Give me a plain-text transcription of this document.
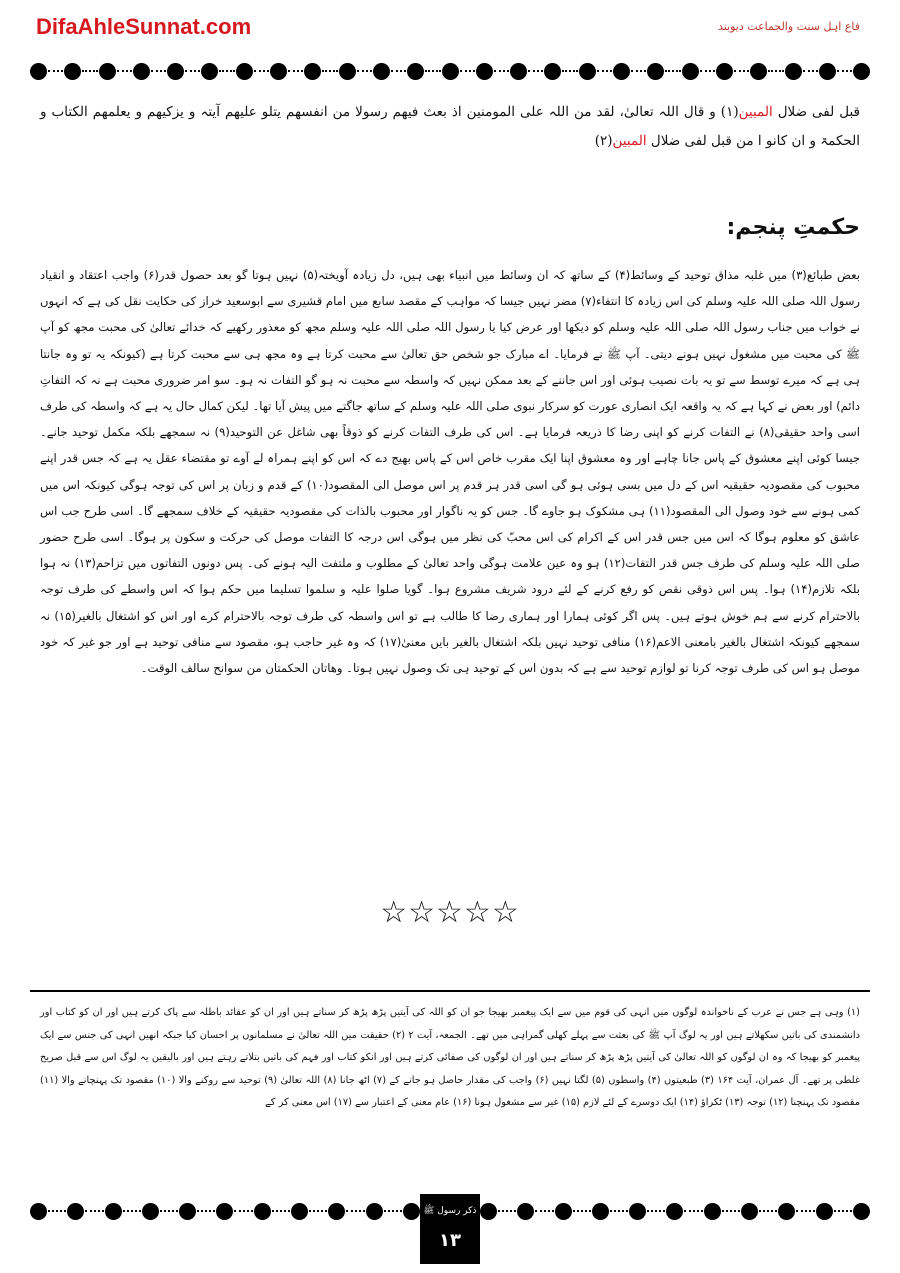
DifaAhleSunnat.com	فاع اہل سنت والجماعت دیوبند
قبل لفی ضلال المبین(۱) و قال اللہ تعالیٰ، لقد من اللہ علی المومنین اذ بعث فیھم رسولا من انفسھم یتلو علیھم آیتہ و یزکیھم و یعلمھم الکتاب و الحکمۃ و ان کانو ا من قبل لفی ضلال المبین(۲)
حکمتِ پنجم:
بعض طبائع(۳) میں غلبہ مذاق توحید کے وسائط(۴) کے ساتھ کہ ان وسائط میں انبیاء بھی ہیں، دل زیادہ آویختہ(۵) نہیں ہوتا گو بعد حصول قدر(۶) واجب اعتقاد و انقیاد رسول اللہ صلی اللہ علیہ وسلم کی اس زیادہ کا انتفاء(۷) مضر نہیں جیسا کہ مواہب کے مقصد سابع میں امام قشیری سے ابوسعید خراز کی حکایت نقل کی ہے کہ انہوں نے خواب میں جناب رسول اللہ صلی اللہ علیہ وسلم کو دیکھا اور عرض کیا یا رسول اللہ صلی اللہ علیہ وسلم مجھ کو معذور رکھیے کہ خدائے تعالیٰ کی محبت مجھ کو آپ ﷺ کی محبت میں مشغول نہیں ہونے دیتی۔ آپ ﷺ نے فرمایا۔ اے مبارک جو شخص حق تعالیٰ سے محبت کرتا ہے وہ مجھ ہی سے محبت کرتا ہے (کیونکہ یہ تو وہ جانتا ہی ہے کہ میرے توسط سے تو یہ بات نصیب ہوئی اور اس جاننے کے بعد ممکن نہیں کہ واسطہ سے محبت نہ ہو گو التفات نہ ہو۔ سو امر ضروری محبت ہے نہ کہ التفاتِ دائم) اور بعض نے کہا ہے کہ یہ واقعہ ایک انصاری عورت کو سرکار نبوی صلی اللہ علیہ وسلم کے ساتھ جاگتے میں پیش آیا تھا۔ لیکن کمال حال یہ ہے کہ واسطہ کی طرف اسی واحد حقیقی(۸) نے التفات کرنے کو اپنی رضا کا ذریعہ فرمایا ہے۔ اس کی طرف التفات کرنے کو ذوقاً بھی شاغل عن التوحید(۹) نہ سمجھے بلکہ مکمل توحید جانے۔ جیسا کوئی اپنے معشوق کے پاس جانا چاہے اور وہ معشوق اپنا ایک مقرب خاص اس کے پاس بھیج دے کہ اس کو اپنے ہمراہ لے آوے تو مقتضاء عقل یہ ہے کہ جس قدر اپنے محبوب کی مقصودیہ حقیقیہ اس کے دل میں بسی ہوئی ہو گی اسی قدر ہر قدم پر اس موصل الی المقصود(۱۰) کے قدم و زبان پر اس کی توجہ ہوگی کیونکہ اس میں کمی ہونے سے خود وصول الی المقصود(۱۱) ہی مشکوک ہو جاوے گا۔ جس کو یہ ناگوار اور محبوب بالذات کی مقصودیہ حقیقیہ کے خلاف سمجھے گا۔ اسی طرح جب اس عاشق کو معلوم ہوگا کہ اس میں جس قدر اس کے اکرام کی اس محبّ کی نظر میں ہوگی اس درجہ کا التفات موصل کی حرکت و سکون پر ہوگا۔ اسی طرح حضور صلی اللہ علیہ وسلم کی طرف جس قدر التفات(۱۲) ہو وہ عین علامت ہوگی واحد تعالیٰ کے مطلوب و ملتفت الیہ ہونے کی۔ پس دونوں التفاتوں میں تزاحم(۱۳) نہ ہوا بلکہ تلازم(۱۴) ہوا۔ پس اس ذوقی نقص کو رفع کرنے کے لئے درود شریف مشروع ہوا۔ گویا صلوا علیہ و سلموا تسلیما میں حکم ہوا کہ اس واسطے کی طرف توجہ بالاحترام کرنے سے ہم خوش ہوتے ہیں۔ پس اگر کوئی ہمارا اور ہماری رضا کا طالب ہے تو اس واسطہ کی طرف توجہ بالاحترام کرے اور اس کو اشتغال بالغیر(۱۵) نہ سمجھے کیونکہ اشتغال بالغیر بامعنی الاعم(۱۶) منافی توحید نہیں بلکہ اشتغال بالغیر بایں معنیٰ(۱۷) کہ وہ غیر حاجب ہو، مقصود سے منافی توحید ہے اور جو غیر کہ خود موصل ہو اس کی طرف توجہ کرنا تو لوازم توحید سے ہے کہ بدون اس کے توحید ہی تک وصول نہیں ہوتا۔ وھاتان الحکمتان من سوانح سالف الوقت۔
☆☆☆☆☆
(۱) وہی ہے جس نے عرب کے ناخواندہ لوگوں میں انہی کی قوم میں سے ایک پیغمبر بھیجا جو ان کو اللہ کی آیتیں پڑھ پڑھ کر سناتے ہیں اور ان کو عقائد باطلہ سے پاک کرتے ہیں اور ان کو کتاب اور دانشمندی کی باتیں سکھلاتے ہیں اور یہ لوگ آپ ﷺ کی بعثت سے پہلے کھلی گمراہی میں تھے۔ الجمعہ، آیت ۲ (۲) حقیقت میں اللہ تعالیٰ نے مسلمانوں پر احسان کیا جبکہ انھیں انہی کی جنس سے ایک پیغمبر کو بھیجا کہ وہ ان لوگوں کو اللہ تعالیٰ کی آیتیں پڑھ پڑھ کر سناتے ہیں اور ان لوگوں کی صفائی کرتے ہیں اور انکو کتاب اور فہم کی باتیں بتلاتے رہتے ہیں اور بالیقین یہ لوگ اس سے قبل صریح غلطی پر تھے۔ آل عمران، آیت ۱۶۴ (۳) طبعیتوں (۴) واسطوں (۵) لگتا نہیں (۶) واجب کی مقدار حاصل ہو جانے کے (۷) اٹھ جانا (۸) اللہ تعالیٰ (۹) توحید سے روکنے والا (۱۰) مقصود تک پہنچانے والا (۱۱) مقصود تک پہنچنا (۱۲) توجہ (۱۳) ٹکراؤ (۱۴) ایک دوسرے کے لئے لازم (۱۵) غیر سے مشغول ہونا (۱۶) عام معنی کے اعتبار سے (۱۷) اس معنی کر کے
ذکر رسول ﷺ
۱۳
